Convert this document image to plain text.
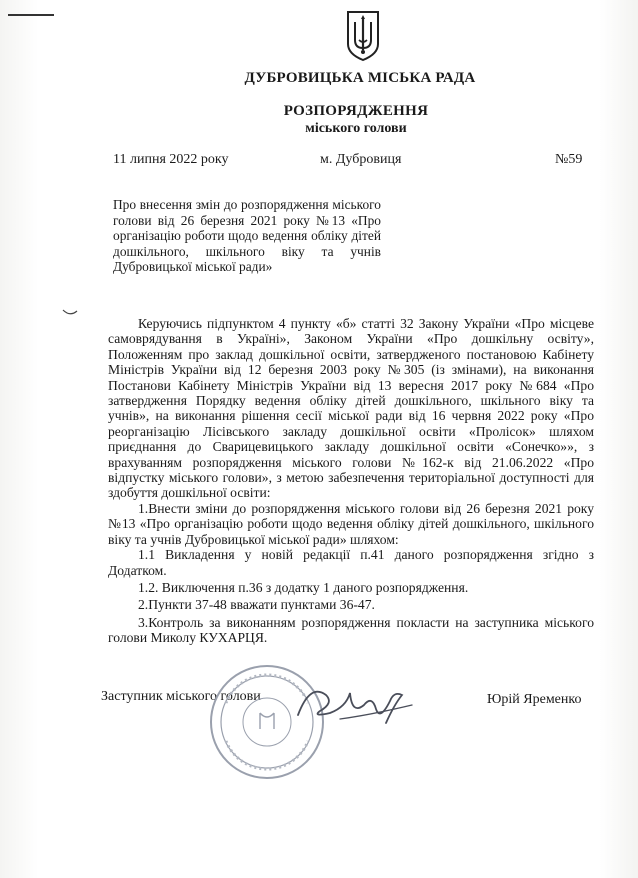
ДУБРОВИЦЬКА МІСЬКА РАДА
РОЗПОРЯДЖЕННЯ
міського голови
11 липня 2022 року	м. Дубровиця	№59
Про внесення змін до розпорядження міського голови від 26 березня 2021 року №13 «Про організацію роботи щодо ведення обліку дітей дошкільного, шкільного віку та учнів Дубровицької міської ради»

Керуючись підпунктом 4 пункту «б» статті 32 Закону України «Про місцеве самоврядування в Україні», Законом України «Про дошкільну освіту», Положенням про заклад дошкільної освіти, затвердженого постановою Кабінету Міністрів України від 12 березня 2003 року №305 (із змінами), на виконання Постанови Кабінету Міністрів України від 13 вересня 2017 року №684 «Про затвердження Порядку ведення обліку дітей дошкільного, шкільного віку та учнів», на виконання рішення сесії міської ради від 16 червня 2022 року «Про реорганізацію Лісівського закладу дошкільної освіти «Пролісок» шляхом приєднання до Сварицевицького закладу дошкільної освіти «Сонечко»», з врахуванням розпорядження міського голови №162-к від 21.06.2022 «Про відпустку міського голови», з метою забезпечення територіальної доступності для здобуття дошкільної освіти:

1.Внести зміни до розпорядження міського голови від 26 березня 2021 року №13 «Про організацію роботи щодо ведення обліку дітей дошкільного, шкільного віку та учнів Дубровицької міської ради» шляхом:

1.1 Викладення у новій редакції п.41 даного розпорядження згідно з Додатком.

1.2. Виключення п.36 з додатку 1 даного розпорядження.

2.Пункти 37-48 вважати пунктами 36-47.

3.Контроль за виконанням розпорядження покласти на заступника міського голови Миколу КУХАРЦЯ.

Заступник міського голови	Юрій Яременко
